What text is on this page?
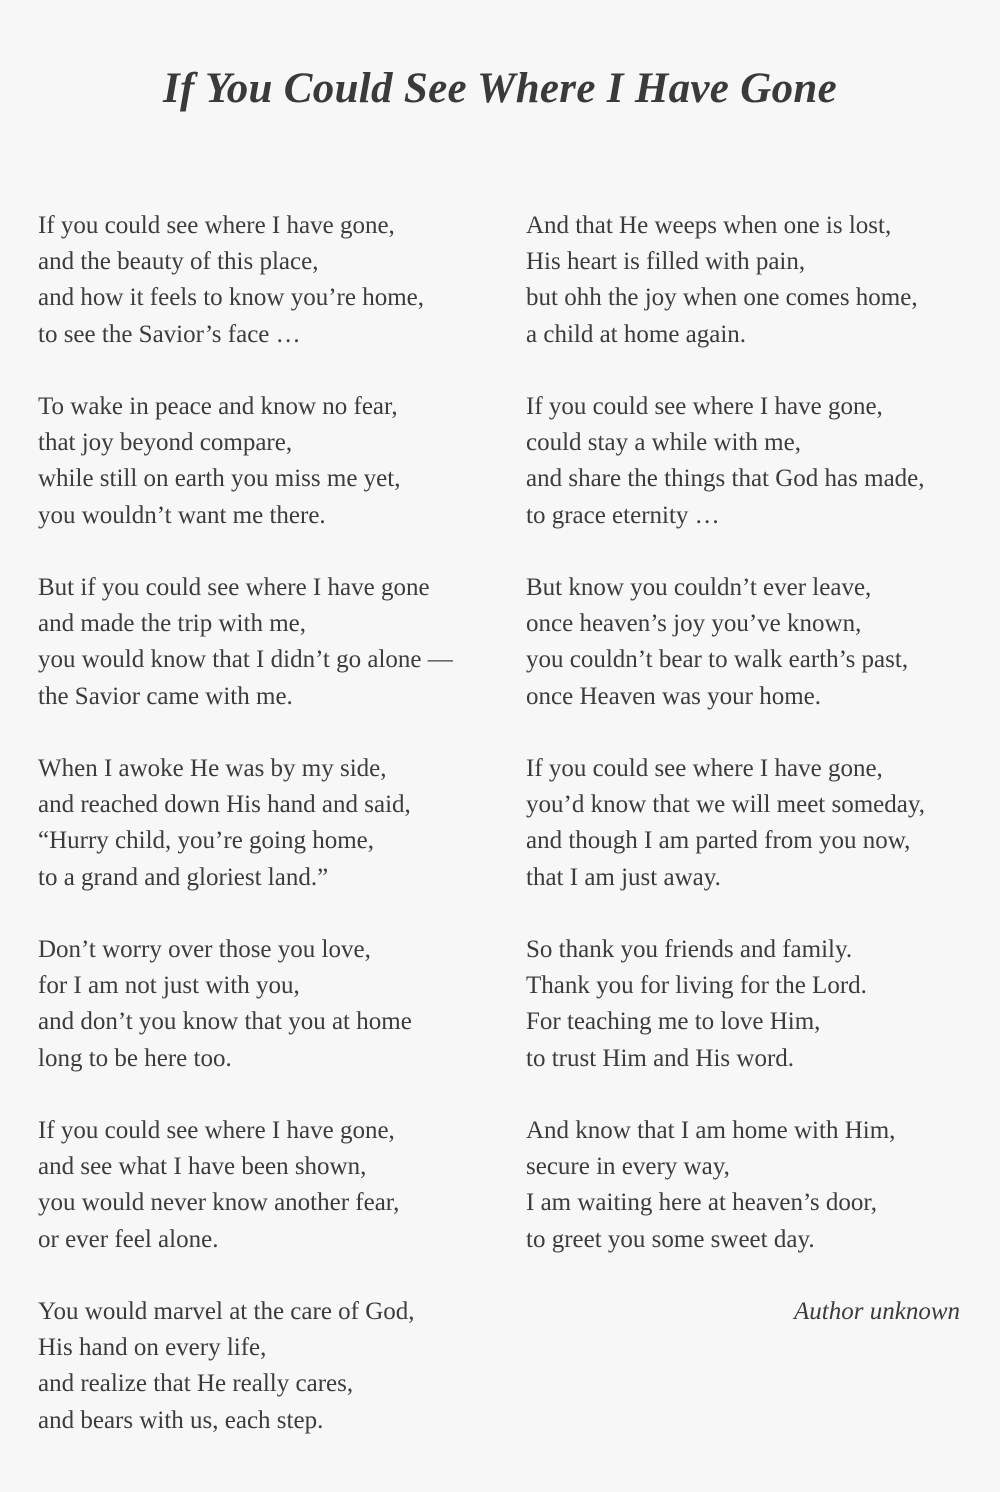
If You Could See Where I Have Gone
If you could see where I have gone,
and the beauty of this place,
and how it feels to know you’re home,
to see the Savior’s face …
To wake in peace and know no fear,
that joy beyond compare,
while still on earth you miss me yet,
you wouldn’t want me there.
But if you could see where I have gone
and made the trip with me,
you would know that I didn’t go alone —
the Savior came with me.
When I awoke He was by my side,
and reached down His hand and said,
“Hurry child, you’re going home,
to a grand and gloriest land.”
Don’t worry over those you love,
for I am not just with you,
and don’t you know that you at home
long to be here too.
If you could see where I have gone,
and see what I have been shown,
you would never know another fear,
or ever feel alone.
You would marvel at the care of God,
His hand on every life,
and realize that He really cares,
and bears with us, each step.
And that He weeps when one is lost,
His heart is filled with pain,
but ohh the joy when one comes home,
a child at home again.
If you could see where I have gone,
could stay a while with me,
and share the things that God has made,
to grace eternity …
But know you couldn’t ever leave,
once heaven’s joy you’ve known,
you couldn’t bear to walk earth’s past,
once Heaven was your home.
If you could see where I have gone,
you’d know that we will meet someday,
and though I am parted from you now,
that I am just away.
So thank you friends and family.
Thank you for living for the Lord.
For teaching me to love Him,
to trust Him and His word.
And know that I am home with Him,
secure in every way,
I am waiting here at heaven’s door,
to greet you some sweet day.
Author unknown
